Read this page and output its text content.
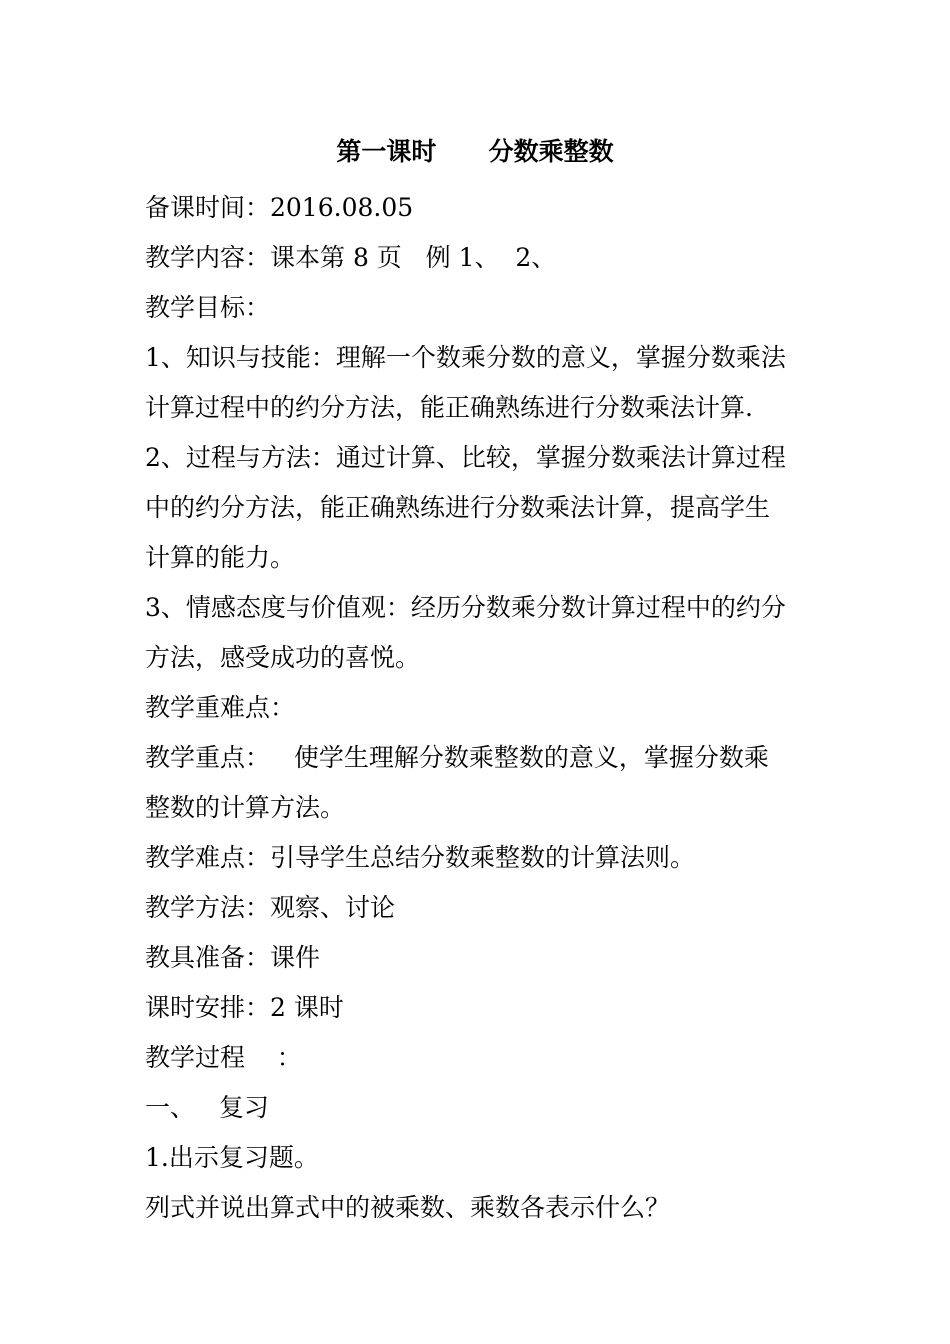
第一课时      分数乘整数
备课时间：2016.08.05
教学内容：课本第 8 页   例 1、  2、
教学目标：
1、知识与技能：理解一个数乘分数的意义，掌握分数乘法
计算过程中的约分方法，能正确熟练进行分数乘法计算.
2、过程与方法：通过计算、比较，掌握分数乘法计算过程
中的约分方法，能正确熟练进行分数乘法计算，提高学生
计算的能力。
3、情感态度与价值观：经历分数乘分数计算过程中的约分
方法，感受成功的喜悦。
教学重难点：
教学重点：   使学生理解分数乘整数的意义，掌握分数乘
整数的计算方法。
教学难点：引导学生总结分数乘整数的计算法则。
教学方法：观察、讨论
教具准备：课件
课时安排：2 课时
教学过程    ：
一、   复习
1.出示复习题。
列式并说出算式中的被乘数、乘数各表示什么？
